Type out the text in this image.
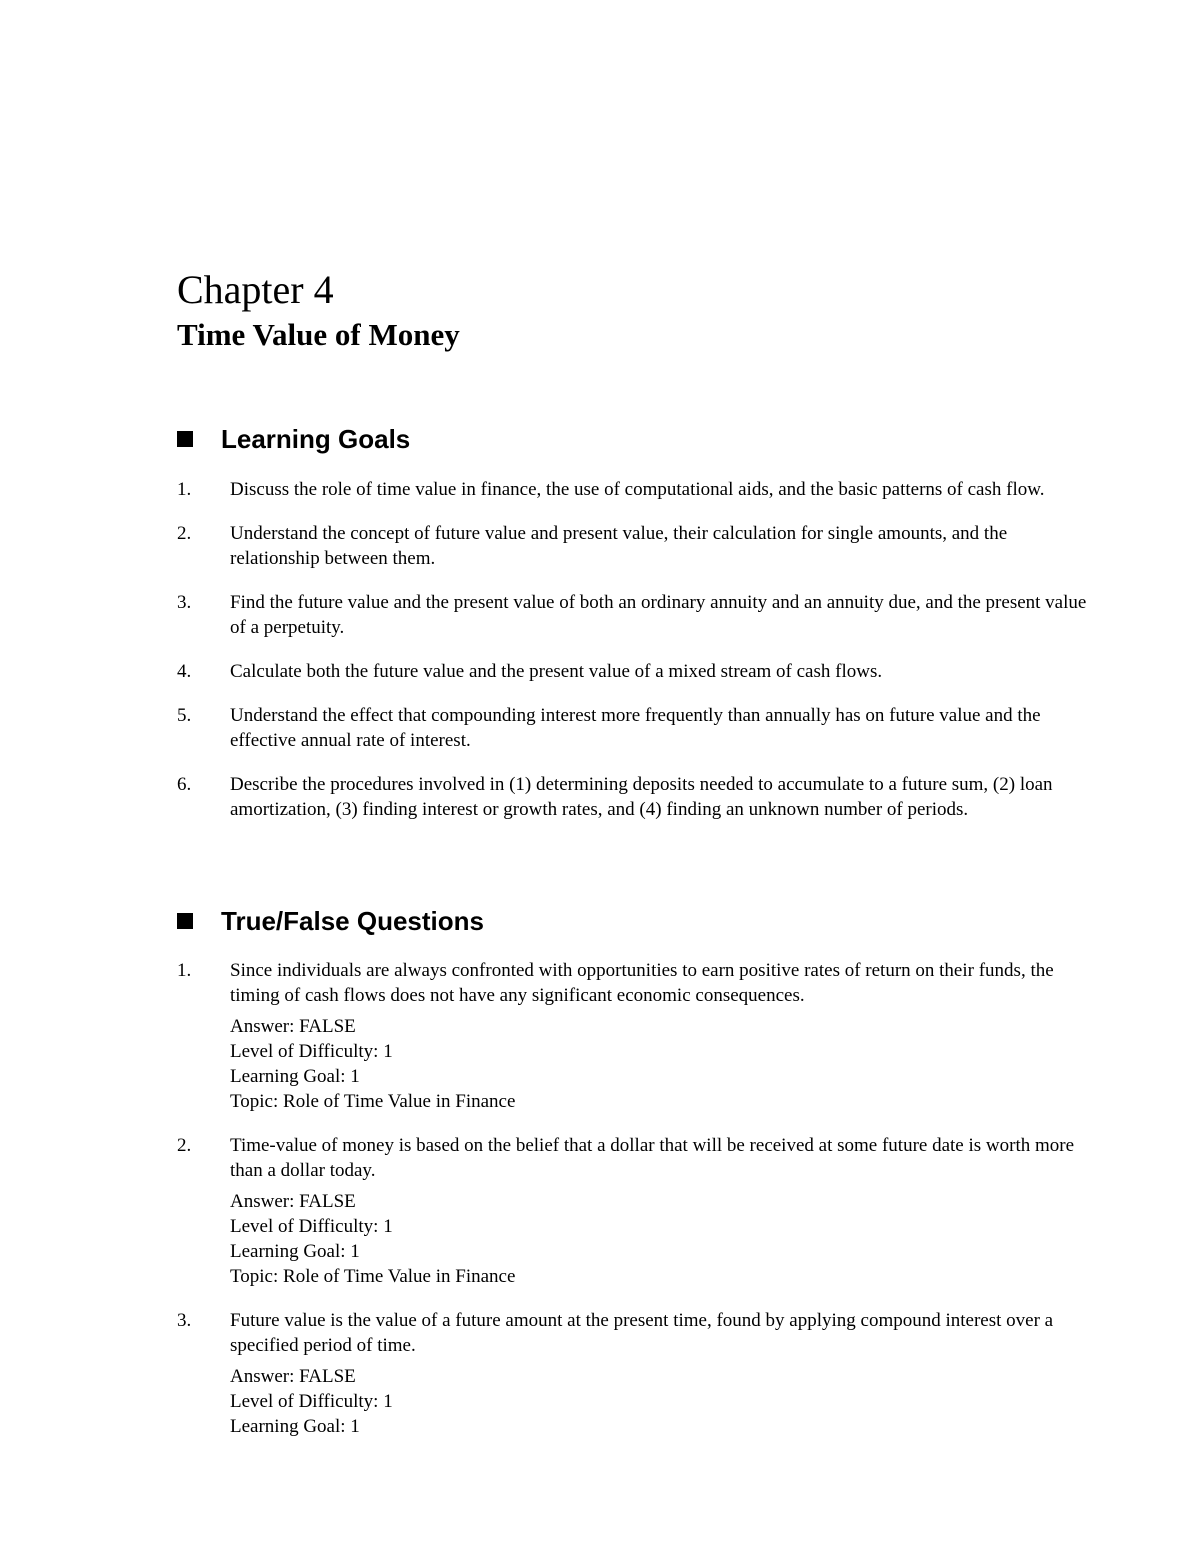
Chapter 4
Time Value of Money
Learning Goals
1. Discuss the role of time value in finance, the use of computational aids, and the basic patterns of cash flow.
2. Understand the concept of future value and present value, their calculation for single amounts, and the relationship between them.
3. Find the future value and the present value of both an ordinary annuity and an annuity due, and the present value of a perpetuity.
4. Calculate both the future value and the present value of a mixed stream of cash flows.
5. Understand the effect that compounding interest more frequently than annually has on future value and the effective annual rate of interest.
6. Describe the procedures involved in (1) determining deposits needed to accumulate to a future sum, (2) loan amortization, (3) finding interest or growth rates, and (4) finding an unknown number of periods.
True/False Questions
1. Since individuals are always confronted with opportunities to earn positive rates of return on their funds, the timing of cash flows does not have any significant economic consequences.
Answer: FALSE
Level of Difficulty: 1
Learning Goal: 1
Topic: Role of Time Value in Finance
2. Time-value of money is based on the belief that a dollar that will be received at some future date is worth more than a dollar today.
Answer: FALSE
Level of Difficulty: 1
Learning Goal: 1
Topic: Role of Time Value in Finance
3. Future value is the value of a future amount at the present time, found by applying compound interest over a specified period of time.
Answer: FALSE
Level of Difficulty: 1
Learning Goal: 1
